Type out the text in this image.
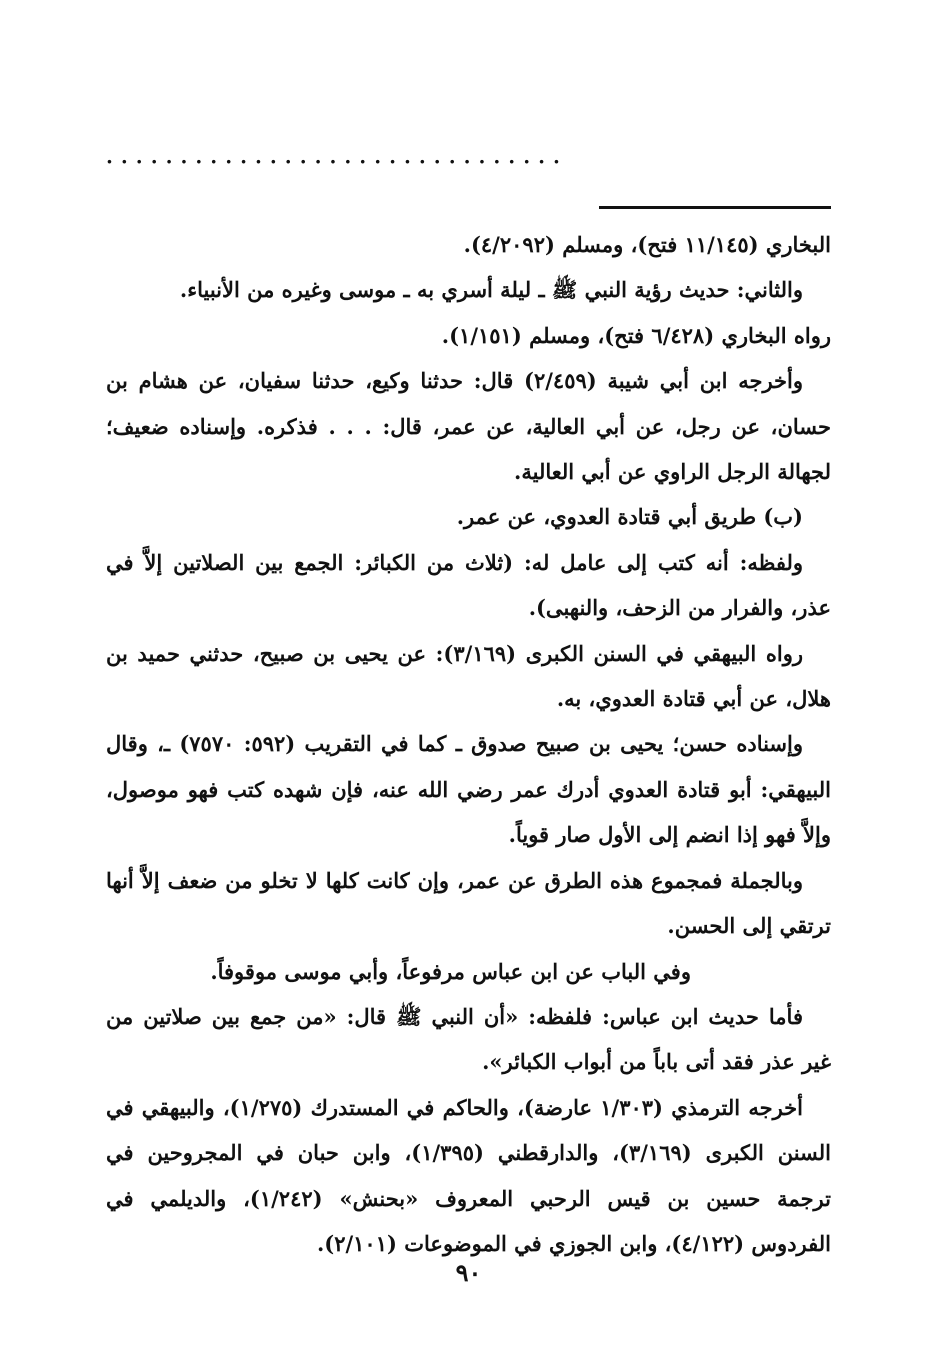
...............................

البخاري (١١/١٤٥ فتح)، ومسلم (٤/٢٠٩٢).

والثاني: حديث رؤية النبي ﷺ ـ ليلة أسري به ـ موسى وغيره من الأنبياء.

رواه البخاري (٦/٤٢٨ فتح)، ومسلم (١/١٥١).

وأخرجه ابن أبي شيبة (٢/٤٥٩) قال: حدثنا وكيع، حدثنا سفيان، عن هشام بن حسان، عن رجل، عن أبي العالية، عن عمر، قال: . . . فذكره. وإسناده ضعيف؛ لجهالة الرجل الراوي عن أبي العالية.

(ب) طريق أبي قتادة العدوي، عن عمر.

ولفظه: أنه كتب إلى عامل له: (ثلاث من الكبائر: الجمع بين الصلاتين إلاَّ في عذر، والفرار من الزحف، والنهبى).

رواه البيهقي في السنن الكبرى (٣/١٦٩): عن يحيى بن صبيح، حدثني حميد بن هلال، عن أبي قتادة العدوي، به.

وإسناده حسن؛ يحيى بن صبيح صدوق ـ كما في التقريب (٥٩٢: ٧٥٧٠) ـ، وقال البيهقي: أبو قتادة العدوي أدرك عمر رضي الله عنه، فإن شهده كتب فهو موصول، وإلاَّ فهو إذا انضم إلى الأول صار قوياً.

وبالجملة فمجموع هذه الطرق عن عمر، وإن كانت كلها لا تخلو من ضعف إلاَّ أنها ترتقي إلى الحسن.

وفي الباب عن ابن عباس مرفوعاً، وأبي موسى موقوفاً.

فأما حديث ابن عباس: فلفظه: «أن النبي ﷺ قال: «من جمع بين صلاتين من غير عذر فقد أتى باباً من أبواب الكبائر».

أخرجه الترمذي (١/٣٠٣ عارضة)، والحاكم في المستدرك (١/٢٧٥)، والبيهقي في السنن الكبرى (٣/١٦٩)، والدارقطني (١/٣٩٥)، وابن حبان في المجروحين في ترجمة حسين بن قيس الرحبي المعروف «بحنش» (١/٢٤٢)، والديلمي في الفردوس (٤/١٢٢)، وابن الجوزي في الموضوعات (٢/١٠١).

٩٠
